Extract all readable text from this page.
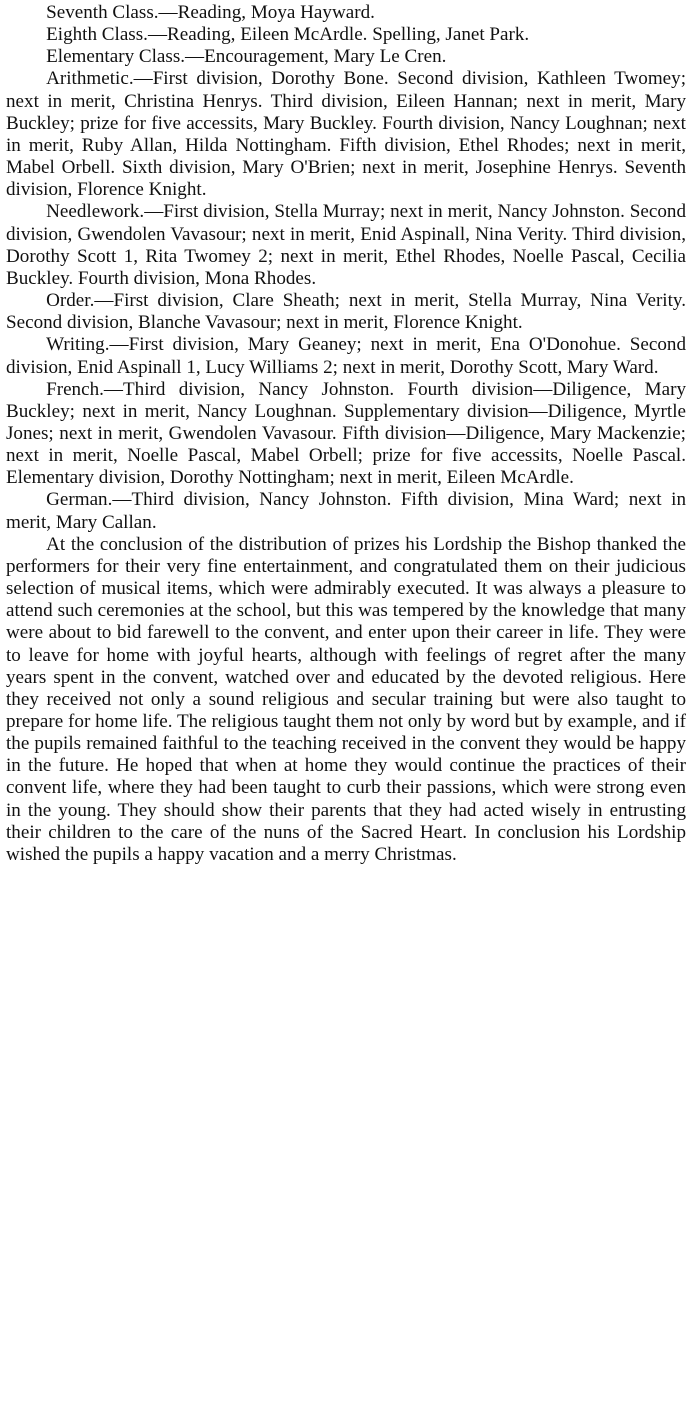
Seventh Class.—Reading, Moya Hayward.

Eighth Class.—Reading, Eileen McArdle. Spelling, Janet Park.

Elementary Class.—Encouragement, Mary Le Cren.

Arithmetic.—First division, Dorothy Bone. Second division, Kathleen Twomey; next in merit, Christina Henrys. Third division, Eileen Hannan; next in merit, Mary Buckley; prize for five accessits, Mary Buckley. Fourth division, Nancy Loughnan; next in merit, Ruby Allan, Hilda Nottingham. Fifth division, Ethel Rhodes; next in merit, Mabel Orbell. Sixth division, Mary O'Brien; next in merit, Josephine Henrys. Seventh division, Florence Knight.

Needlework.—First division, Stella Murray; next in merit, Nancy Johnston. Second division, Gwendolen Vavasour; next in merit, Enid Aspinall, Nina Verity. Third division, Dorothy Scott 1, Rita Twomey 2; next in merit, Ethel Rhodes, Noelle Pascal, Cecilia Buckley. Fourth division, Mona Rhodes.

Order.—First division, Clare Sheath; next in merit, Stella Murray, Nina Verity. Second division, Blanche Vavasour; next in merit, Florence Knight.

Writing.—First division, Mary Geaney; next in merit, Ena O'Donohue. Second division, Enid Aspinall 1, Lucy Williams 2; next in merit, Dorothy Scott, Mary Ward.

French.—Third division, Nancy Johnston. Fourth division—Diligence, Mary Buckley; next in merit, Nancy Loughnan. Supplementary division—Diligence, Myrtle Jones; next in merit, Gwendolen Vavasour. Fifth division—Diligence, Mary Mackenzie; next in merit, Noelle Pascal, Mabel Orbell; prize for five accessits, Noelle Pascal. Elementary division, Dorothy Nottingham; next in merit, Eileen McArdle.

German.—Third division, Nancy Johnston. Fifth division, Mina Ward; next in merit, Mary Callan.

At the conclusion of the distribution of prizes his Lordship the Bishop thanked the performers for their very fine entertainment, and congratulated them on their judicious selection of musical items, which were admirably executed. It was always a pleasure to attend such ceremonies at the school, but this was tempered by the knowledge that many were about to bid farewell to the convent, and enter upon their career in life. They were to leave for home with joyful hearts, although with feelings of regret after the many years spent in the convent, watched over and educated by the devoted religious. Here they received not only a sound religious and secular training but were also taught to prepare for home life. The religious taught them not only by word but by example, and if the pupils remained faithful to the teaching received in the convent they would be happy in the future. He hoped that when at home they would continue the practices of their convent life, where they had been taught to curb their passions, which were strong even in the young. They should show their parents that they had acted wisely in entrusting their children to the care of the nuns of the Sacred Heart. In conclusion his Lordship wished the pupils a happy vacation and a merry Christmas.
